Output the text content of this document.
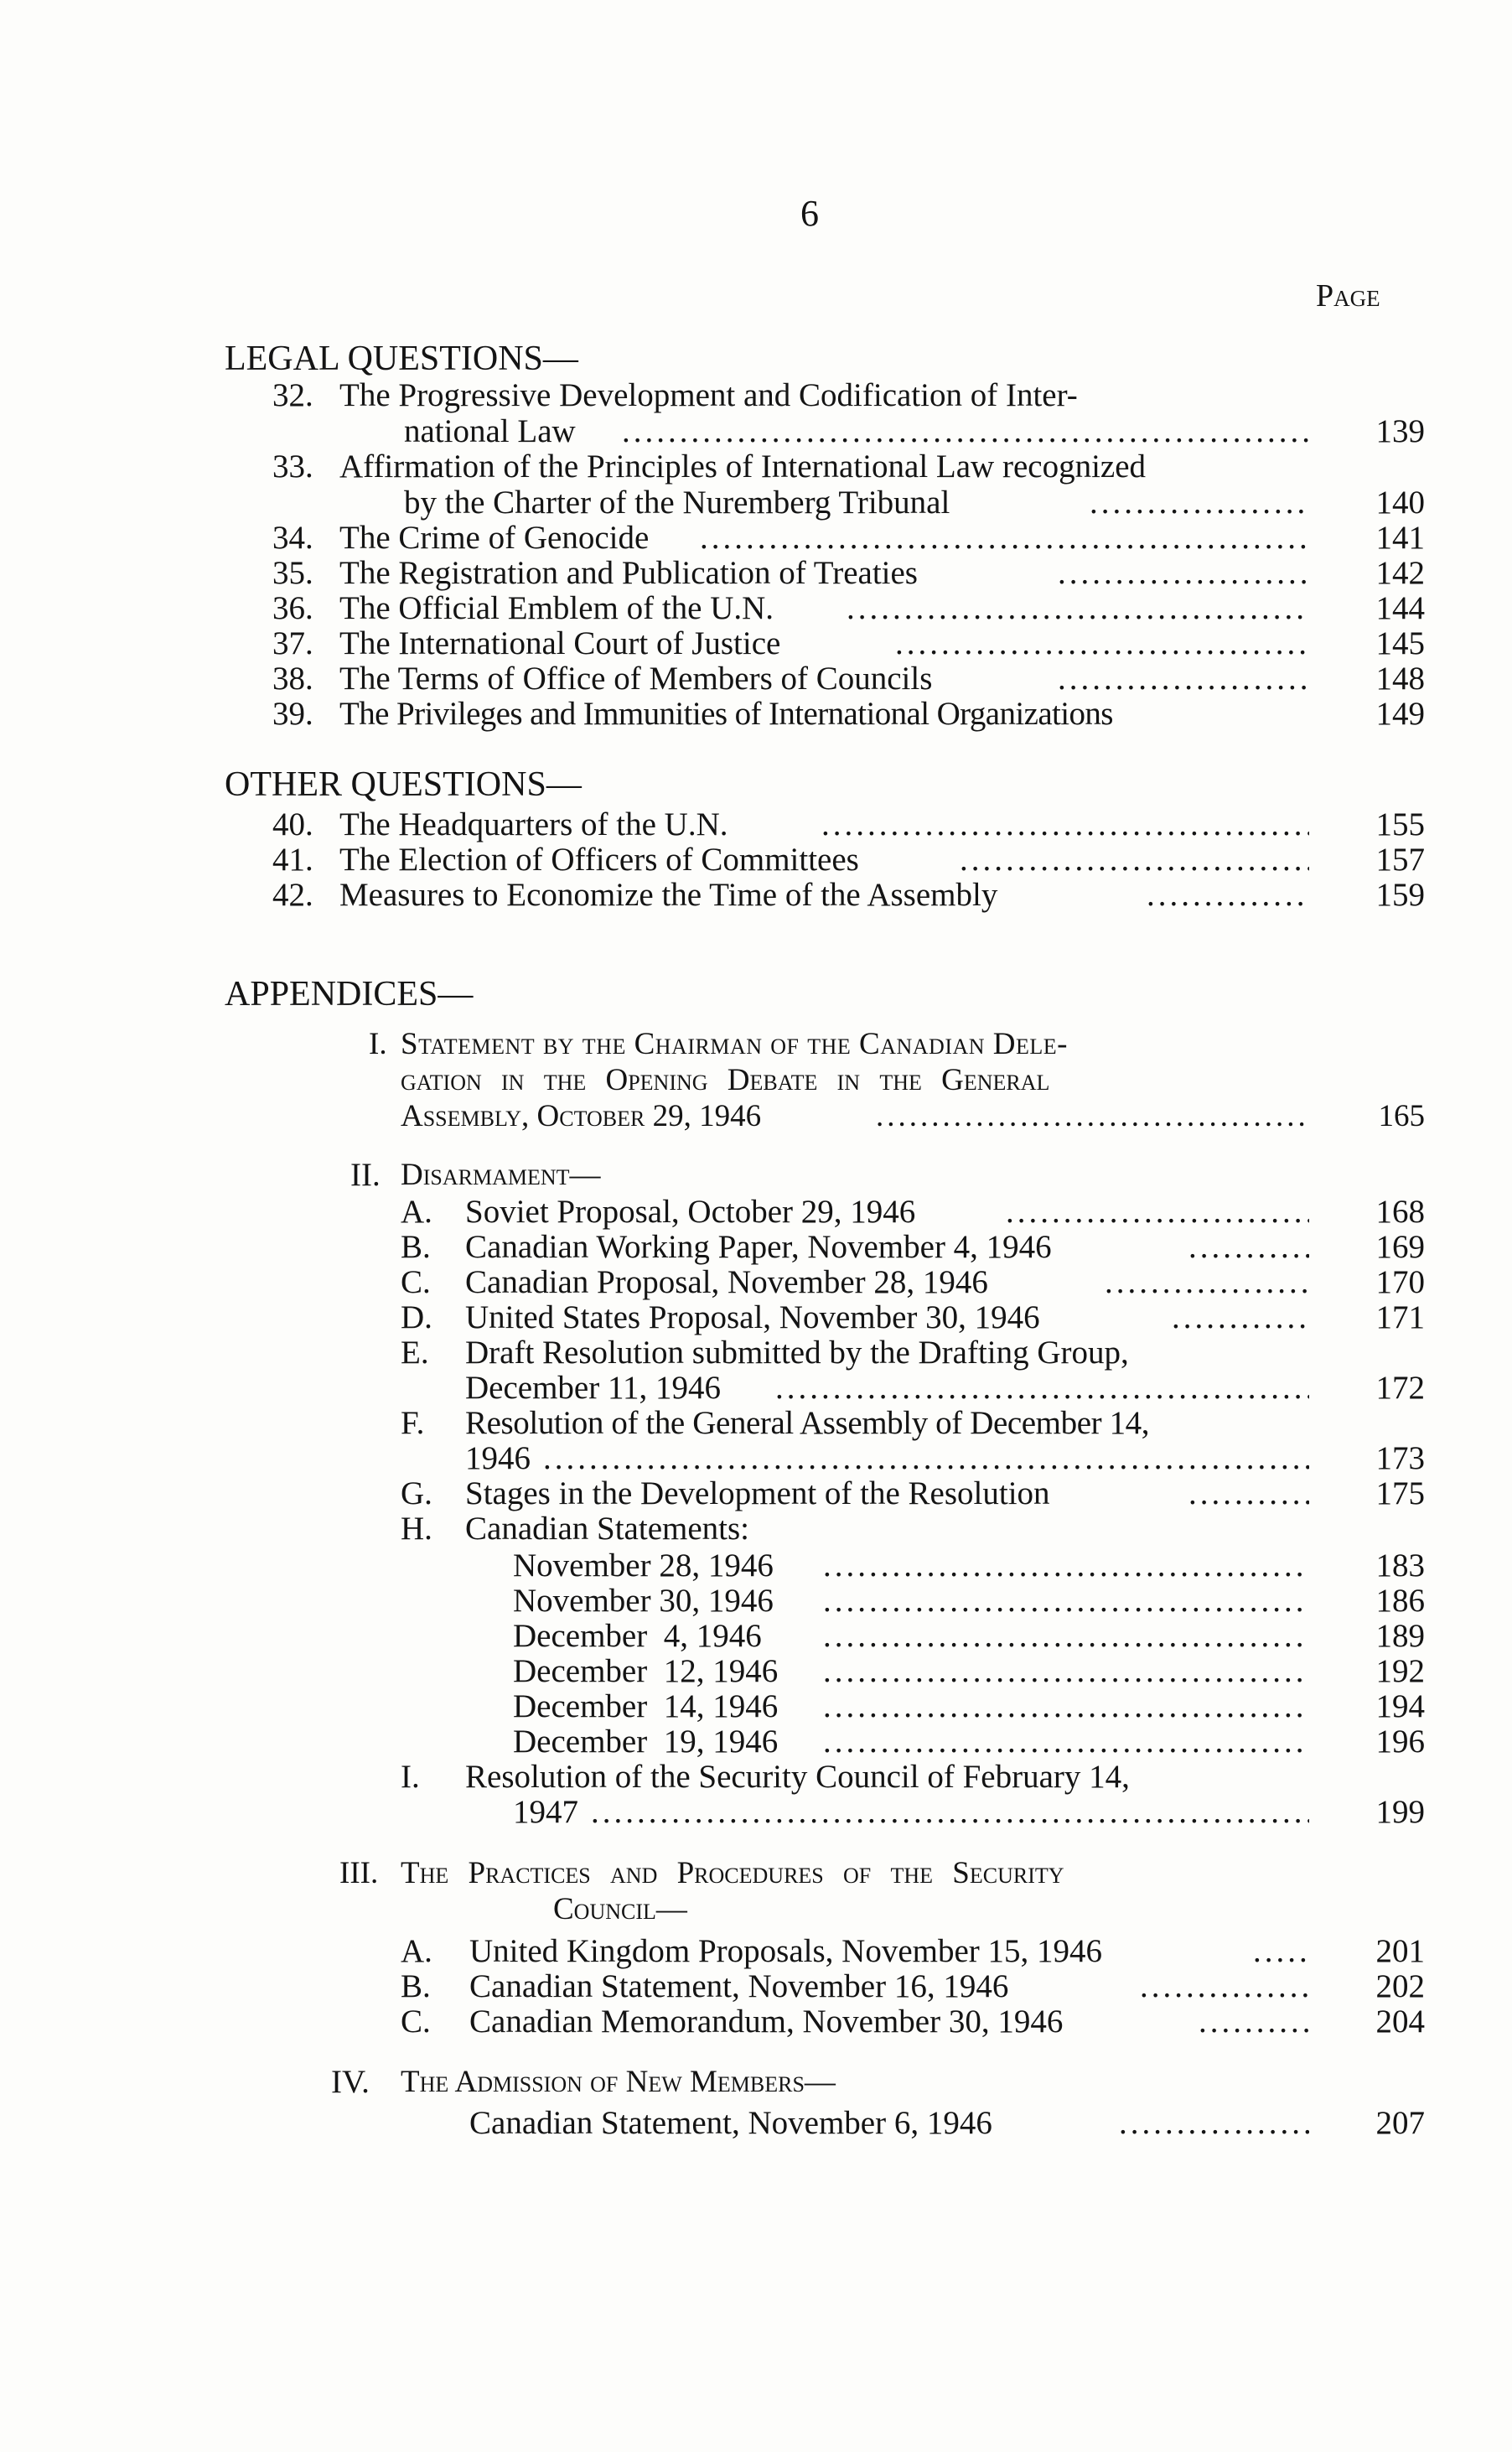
6
Page
LEGAL QUESTIONS—
32. The Progressive Development and Codification of Inter-
national Law .....	139
33. Affirmation of the Principles of International Law recognized
by the Charter of the Nuremberg Tribunal .....	140
34. The Crime of Genocide .....	141
35. The Registration and Publication of Treaties .....	142
36. The Official Emblem of the U.N. .....	144
37. The International Court of Justice .....	145
38. The Terms of Office of Members of Councils .....	148
39. The Privileges and Immunities of International Organizations	149
OTHER QUESTIONS—
40. The Headquarters of the U.N. .....	155
41. The Election of Officers of Committees .....	157
42. Measures to Economize the Time of the Assembly .....	159
APPENDICES—
I. Statement by the Chairman of the Canadian Dele-
gation in the Opening Debate in the General
Assembly, October 29, 1946 .....	165
II. Disarmament—
A. Soviet Proposal, October 29, 1946 .....	168
B. Canadian Working Paper, November 4, 1946 .....	169
C. Canadian Proposal, November 28, 1946 .....	170
D. United States Proposal, November 30, 1946 .....	171
E. Draft Resolution submitted by the Drafting Group,
December 11, 1946 .....	172
F. Resolution of the General Assembly of December 14,
1946 .....	173
G. Stages in the Development of the Resolution .....	175
H. Canadian Statements:
November 28, 1946 .....	183
November 30, 1946 .....	186
December  4, 1946 .....	189
December  12, 1946 .....	192
December  14, 1946 .....	194
December  19, 1946 .....	196
I. Resolution of the Security Council of February 14,
1947 .....	199
III. The Practices and Procedures of the Security
Council—
A. United Kingdom Proposals, November 15, 1946 .....	201
B. Canadian Statement, November 16, 1946 .....	202
C. Canadian Memorandum, November 30, 1946 .....	204
IV. The Admission of New Members—
Canadian Statement, November 6, 1946 .....	207
